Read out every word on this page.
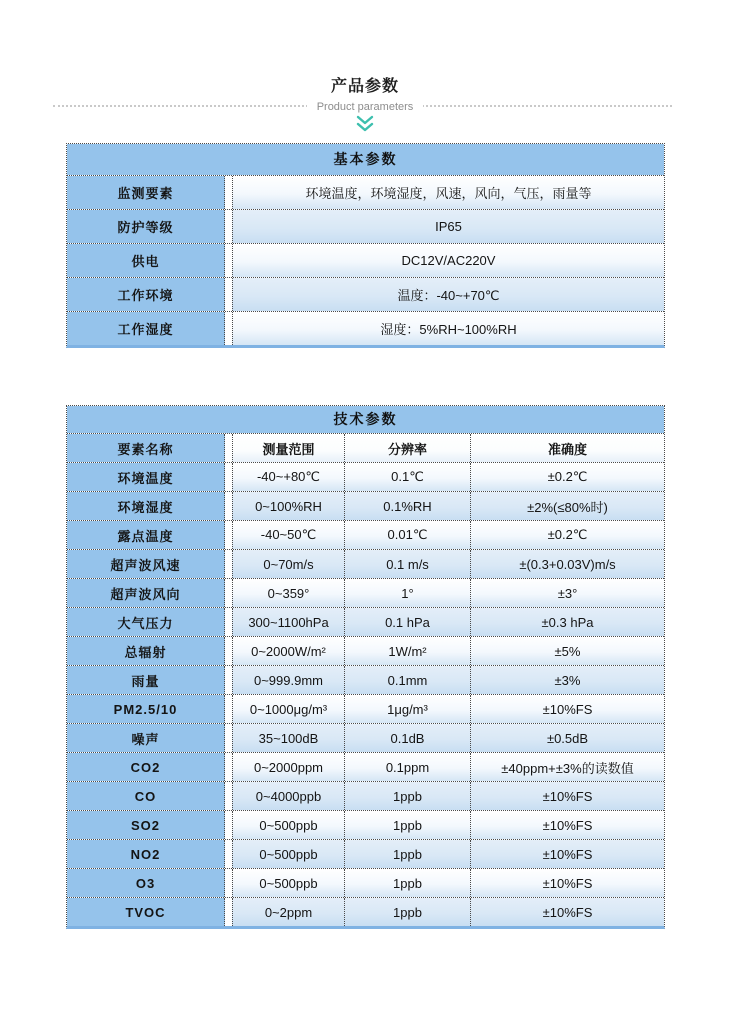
产品参数
Product parameters
基本参数
监测要素	环境温度，环境湿度，风速，风向，气压，雨量等
防护等级	IP65
供电	DC12V/AC220V
工作环境	温度：-40~+70℃
工作湿度	湿度：5%RH~100%RH
技术参数
要素名称	测量范围	分辨率	准确度
环境温度	-40~+80℃	0.1℃	±0.2℃
环境湿度	0~100%RH	0.1%RH	±2%(≤80%时)
露点温度	-40~50℃	0.01℃	±0.2℃
超声波风速	0~70m/s	0.1 m/s	±(0.3+0.03V)m/s
超声波风向	0~359°	1°	±3°
大气压力	300~1100hPa	0.1 hPa	±0.3 hPa
总辐射	0~2000W/m²	1W/m²	±5%
雨量	0~999.9mm	0.1mm	±3%
PM2.5/10	0~1000μg/m³	1μg/m³	±10%FS
噪声	35~100dB	0.1dB	±0.5dB
CO2	0~2000ppm	0.1ppm	±40ppm+±3%的读数值
CO	0~4000ppb	1ppb	±10%FS
SO2	0~500ppb	1ppb	±10%FS
NO2	0~500ppb	1ppb	±10%FS
O3	0~500ppb	1ppb	±10%FS
TVOC	0~2ppm	1ppb	±10%FS
